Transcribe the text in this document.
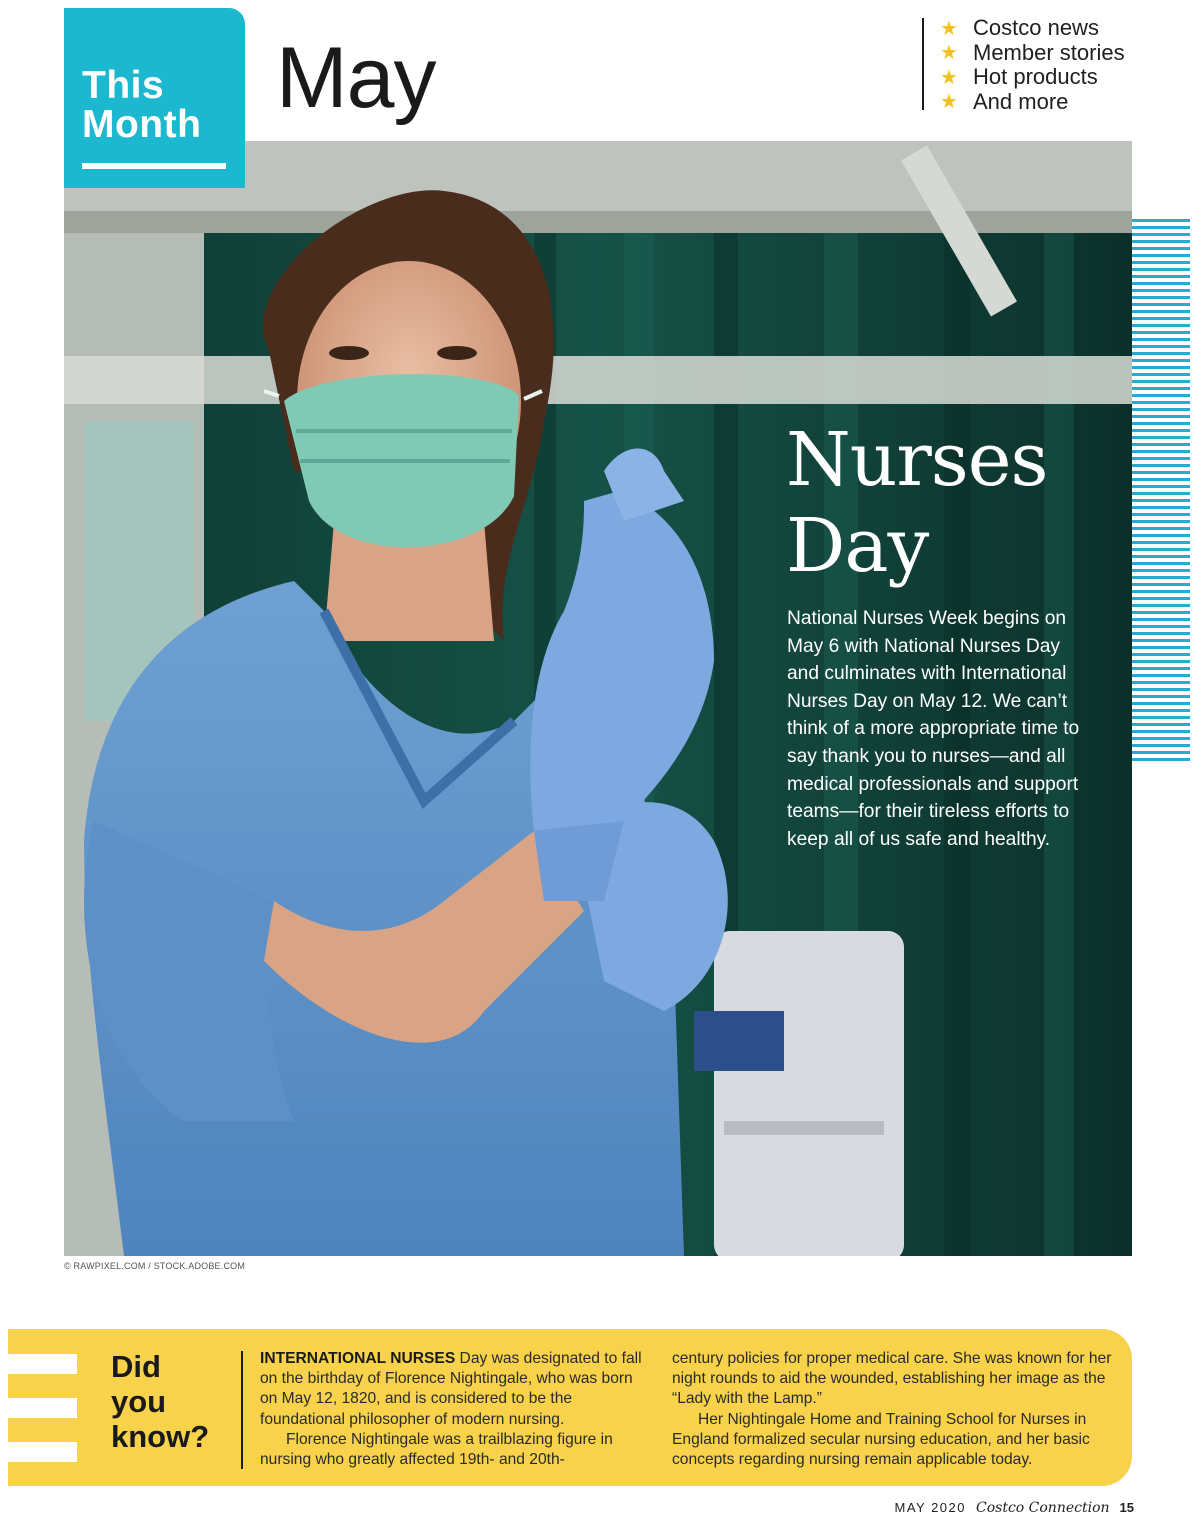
This Month May
★ Costco news
★ Member stories
★ Hot products
★ And more
Nurses
Day

National Nurses Week begins on May 6 with National Nurses Day and culminates with International Nurses Day on May 12. We can’t think of a more appropriate time to say thank you to nurses—and all medical professionals and support teams—for their tireless efforts to keep all of us safe and healthy.

© RAWPIXEL.COM / STOCK.ADOBE.COM
Did
you
know?

INTERNATIONAL NURSES Day was designated to fall on the birthday of Florence Nightingale, who was born on May 12, 1820, and is considered to be the foundational philosopher of modern nursing.

Florence Nightingale was a trailblazing figure in nursing who greatly affected 19th- and 20th-

century policies for proper medical care. She was known for her night rounds to aid the wounded, establishing her image as the “Lady with the Lamp.”

Her Nightingale Home and Training School for Nurses in England formalized secular nursing education, and her basic concepts regarding nursing remain applicable today.

MAY 2020 Costco Connection 15
